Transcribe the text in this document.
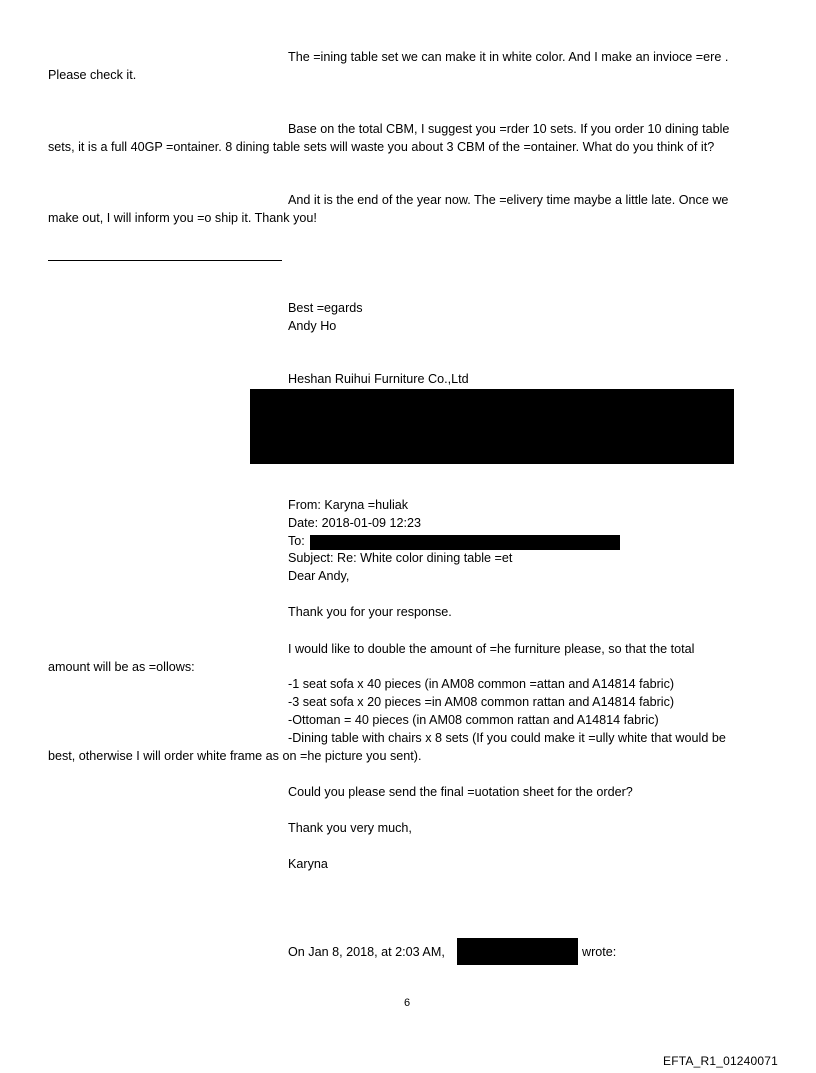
The =ining table set we can make it in white color. And I make an invioce =ere .

Please check it.

Base on the total CBM, I suggest you =rder 10 sets. If you order 10 dining table

sets, it is a full 40GP =ontainer. 8 dining table sets will waste you about 3 CBM of the =ontainer. What do you think of it?

And it is the end of the year now. The =elivery time maybe a little late. Once we

make out, I will inform you =o ship it. Thank you!

Best =egards

Andy Ho

Heshan Ruihui Furniture Co.,Ltd

From: Karyna =huliak

Date: 2018-01-09 12:23

To:

Subject: Re: White color dining table =et

Dear Andy,

Thank you for your response.

I would like to double the amount of =he furniture please, so that the total

amount will be as =ollows:

-1 seat sofa x 40 pieces (in AM08 common =attan and A14814 fabric)

-3 seat sofa x 20 pieces =in AM08 common rattan and A14814 fabric)

-Ottoman = 40 pieces (in AM08 common rattan and A14814 fabric)

-Dining table with chairs x 8 sets (If you could make it =ully white that would be

best, otherwise I will order white frame as on =he picture you sent).

Could you please send the final =uotation sheet for the order?

Thank you very much,

Karyna

On Jan 8, 2018, at 2:03 AM,	wrote:

6

EFTA_R1_01240071
